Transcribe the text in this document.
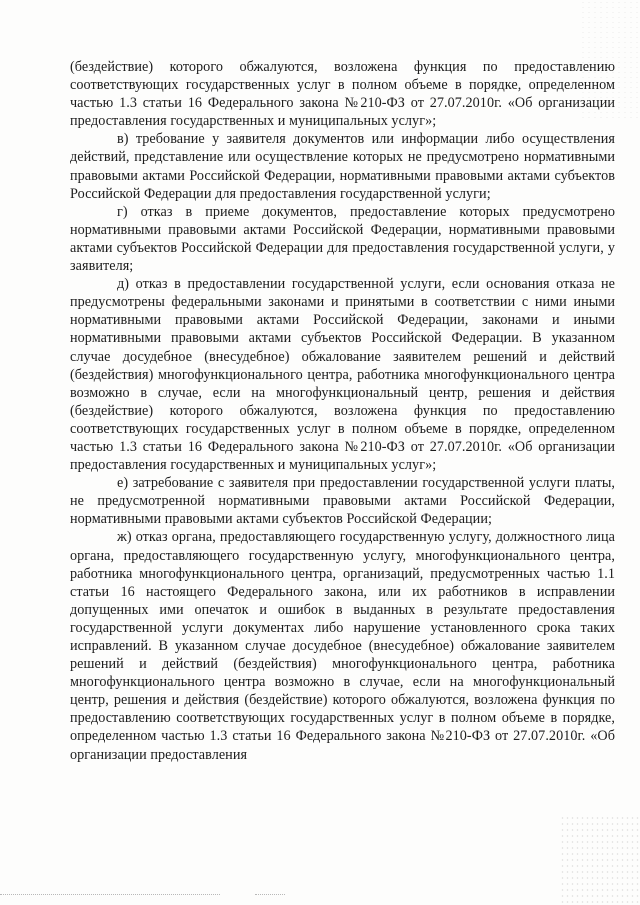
(бездействие) которого обжалуются, возложена функция по предоставлению соответствующих государственных услуг в полном объеме в порядке, определенном частью 1.3 статьи 16 Федерального закона №210-ФЗ от 27.07.2010г. «Об организации предоставления государственных и муниципальных услуг»;

в) требование у заявителя документов или информации либо осуществления действий, представление или осуществление которых не предусмотрено нормативными правовыми актами Российской Федерации, нормативными правовыми актами субъектов Российской Федерации для предоставления государственной услуги;

г) отказ в приеме документов, предоставление которых предусмотрено нормативными правовыми актами Российской Федерации, нормативными правовыми актами субъектов Российской Федерации для предоставления государственной услуги, у заявителя;

д) отказ в предоставлении государственной услуги, если основания отказа не предусмотрены федеральными законами и принятыми в соответствии с ними иными нормативными правовыми актами Российской Федерации, законами и иными нормативными правовыми актами субъектов Российской Федерации. В указанном случае досудебное (внесудебное) обжалование заявителем решений и действий (бездействия) многофункционального центра, работника многофункционального центра возможно в случае, если на многофункциональный центр, решения и действия (бездействие) которого обжалуются, возложена функция по предоставлению соответствующих государственных услуг в полном объеме в порядке, определенном частью 1.3 статьи 16 Федерального закона №210-ФЗ от 27.07.2010г. «Об организации предоставления государственных и муниципальных услуг»;

е) затребование с заявителя при предоставлении государственной услуги платы, не предусмотренной нормативными правовыми актами Российской Федерации, нормативными правовыми актами субъектов Российской Федерации;

ж) отказ органа, предоставляющего государственную услугу, должностного лица органа, предоставляющего государственную услугу, многофункционального центра, работника многофункционального центра, организаций, предусмотренных частью 1.1 статьи 16 настоящего Федерального закона, или их работников в исправлении допущенных ими опечаток и ошибок в выданных в результате предоставления государственной услуги документах либо нарушение установленного срока таких исправлений. В указанном случае досудебное (внесудебное) обжалование заявителем решений и действий (бездействия) многофункционального центра, работника многофункционального центра возможно в случае, если на многофункциональный центр, решения и действия (бездействие) которого обжалуются, возложена функция по предоставлению соответствующих государственных услуг в полном объеме в порядке, определенном частью 1.3 статьи 16 Федерального закона №210-ФЗ от 27.07.2010г. «Об организации предоставления
